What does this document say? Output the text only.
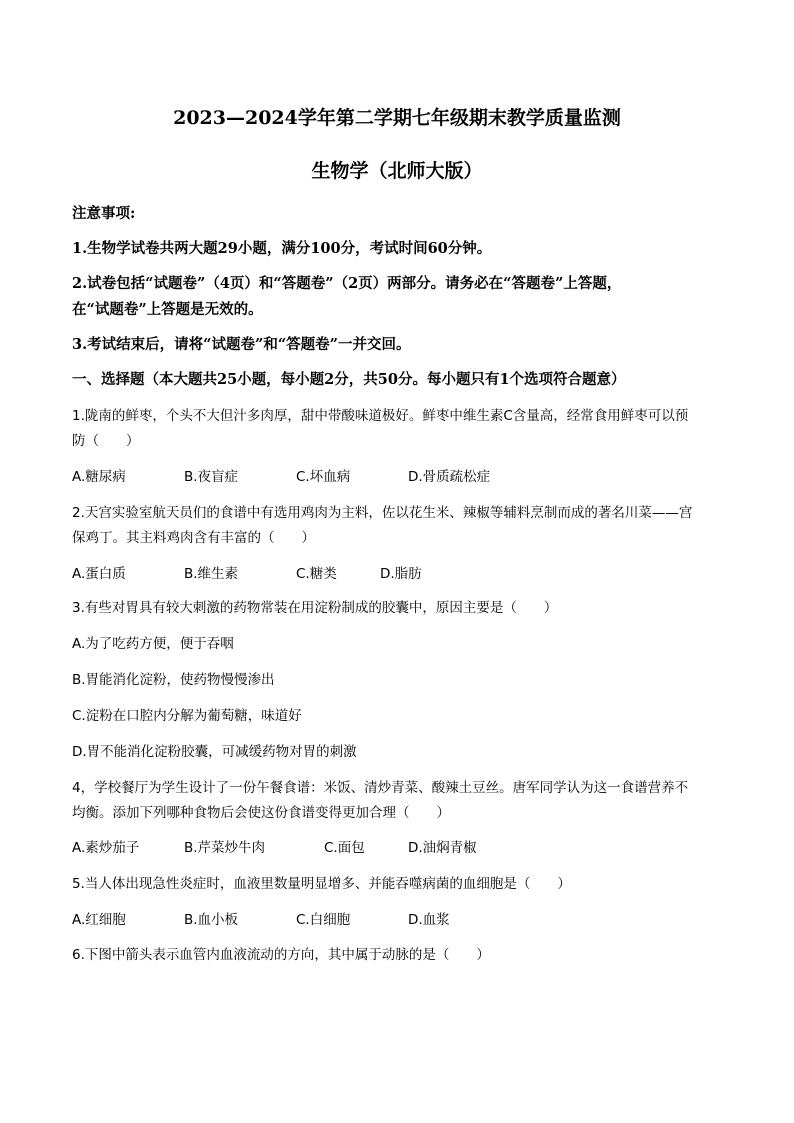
2023—2024学年第二学期七年级期末教学质量监测
生物学（北师大版）
注意事项:
1.生物学试卷共两大题29小题，满分100分，考试时间60分钟。
2.试卷包括“试题卷”（4页）和“答题卷”（2页）两部分。请务必在“答题卷”上答题，
在“试题卷”上答题是无效的。
3.考试结束后，请将“试题卷”和“答题卷”一并交回。
一、选择题（本大题共25小题，每小题2分，共50分。每小题只有1个选项符合题意）
1.陇南的鲜枣，个头不大但汁多肉厚，甜中带酸味道极好。鲜枣中维生素C含量高，经常食用鲜枣可以预
防（　　）
A.糖尿病	B.夜盲症	C.坏血病	D.骨质疏松症
2.天宫实验室航天员们的食谱中有选用鸡肉为主料，佐以花生米、辣椒等辅料烹制而成的著名川菜——宫
保鸡丁。其主料鸡肉含有丰富的（　　）
A.蛋白质	B.维生素	C.糖类	D.脂肪
3.有些对胃具有较大刺激的药物常装在用淀粉制成的胶囊中，原因主要是（　　）
A.为了吃药方便，便于吞咽
B.胃能消化淀粉，使药物慢慢渗出
C.淀粉在口腔内分解为葡萄糖，味道好
D.胃不能消化淀粉胶囊，可减缓药物对胃的刺激
4，学校餐厅为学生设计了一份午餐食谱：米饭、清炒青菜、酸辣土豆丝。唐军同学认为这一食谱营养不
均衡。添加下列哪种食物后会使这份食谱变得更加合理（　　）
A.素炒茄子	B.芹菜炒牛肉	C.面包	D.油焖青椒
5.当人体出现急性炎症时，血液里数量明显增多、并能吞噬病菌的血细胞是（　　）
A.红细胞	B.血小板	C.白细胞	D.血浆
6.下图中箭头表示血管内血液流动的方向，其中属于动脉的是（　　）
